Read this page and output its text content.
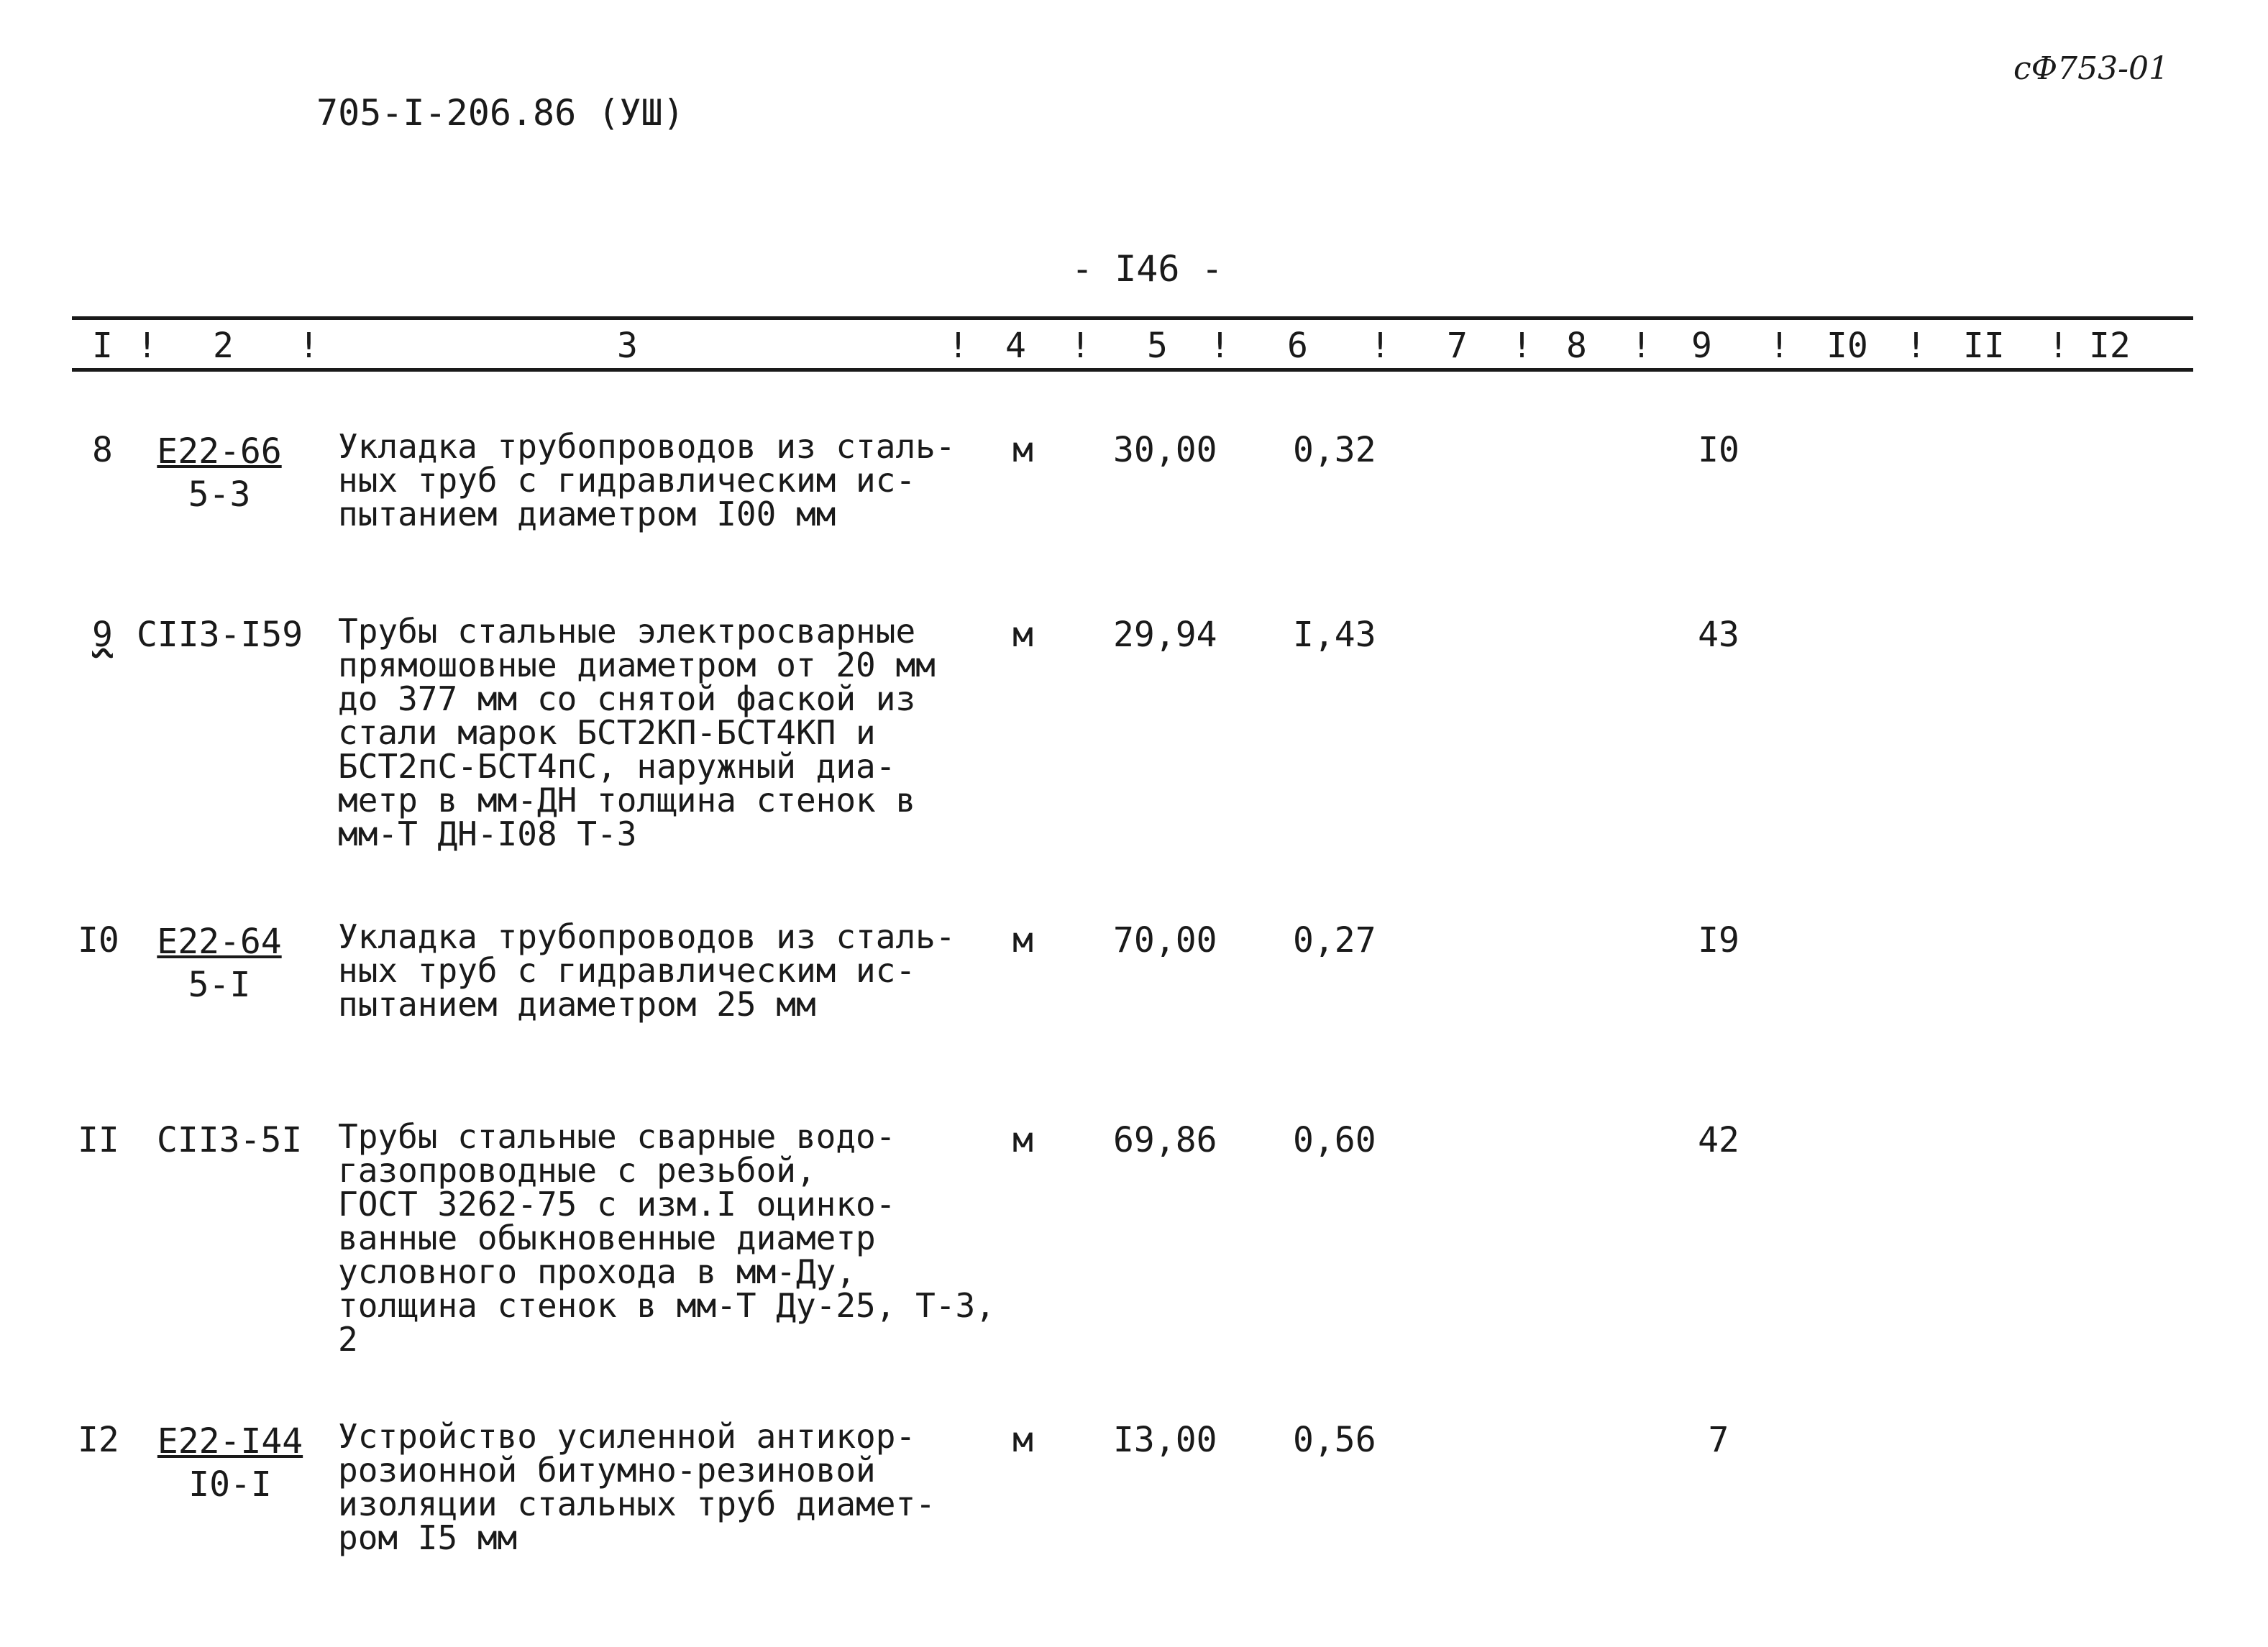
705-I-206.86 (УШ)
сФ753-01
- I46 -
I ! 2 !	3	! 4 ! 5 ! 6 ! 7 ! 8 ! 9 ! I0 ! II ! I2
8	E22-66
5-3
Укладка трубопроводов из сталь-
ных труб с гидравлическим ис-
пытанием диаметром I00 мм
м 30,00 0,32	I0
9 CII3-I59 Трубы стальные электросварные
прямошовные диаметром от 20 мм
до 377 мм со снятой фаской из
стали марок БСТ2КП-БСТ4КП и
БСТ2пС-БСТ4пС, наружный диа-
метр в мм-ДН толщина стенок в
мм-Т ДН-I08 Т-3
м 29,94 I,43	43
I0	E22-64
5-I
Укладка трубопроводов из сталь-
ных труб с гидравлическим ис-
пытанием диаметром 25 мм
м 70,00 0,27	I9
II CII3-5I Трубы стальные сварные водо-
газопроводные с резьбой,
ГОСТ 3262-75 с изм.I оцинко-
ванные обыкновенные диаметр
условного прохода в мм-Ду,
толщина стенок в мм-Т Ду-25, Т-3,
2
м 69,86 0,60	42
I2	E22-I44
I0-I
Устройство усиленной антикор-
розионной битумно-резиновой
изоляции стальных труб диамет-
ром I5 мм
м I3,00 0,56	7
